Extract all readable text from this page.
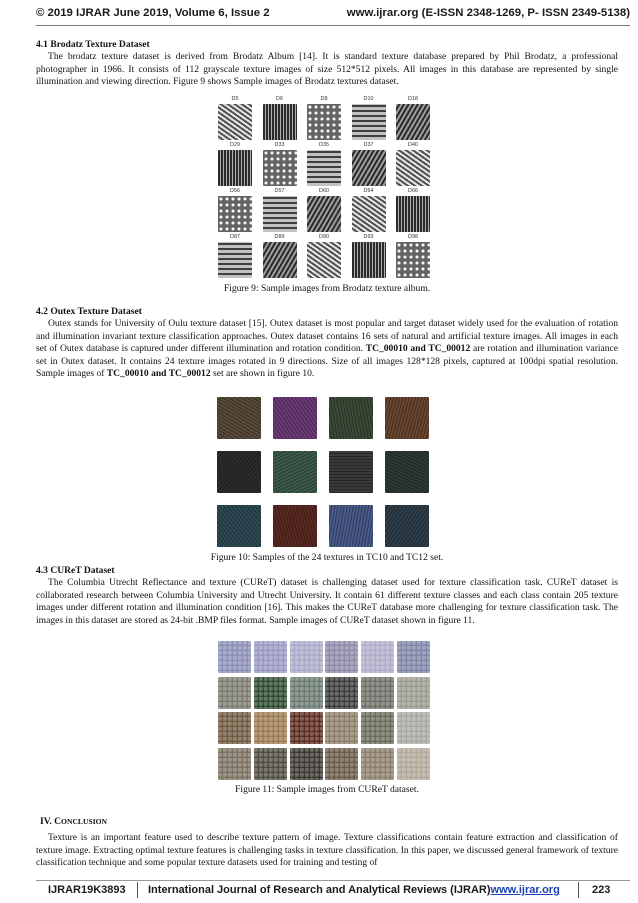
© 2019 IJRAR June 2019, Volume 6, Issue 2	www.ijrar.org (E-ISSN 2348-1269, P- ISSN 2349-5138)
4.1 Brodatz Texture Dataset
The brodatz texture dataset is derived from Brodatz Album [14]. It is standard texture database prepared by Phil Brodatz, a professional photographer in 1966. It consists of 112 grayscale texture images of size 512*512 pixels. All images in this database are represented by single illumination and viewing direction. Figure 9 shows Sample images of Brodatz textures dataset.
D5	D6	D8	D10	D18
D29	D33	D35	D37	D40
D56	D57	D60	D64	D66
D87	D89	D90	D93	D98
Figure 9: Sample images from Brodatz texture album.
4.2 Outex Texture Dataset
Outex stands for University of Oulu texture dataset [15]. Outex dataset is most popular and target dataset widely used for the evaluation of rotation and illumination invariant texture classification approaches. Outex dataset contains 16 sets of natural and artificial texture images. All images in each set of Outex database is captured under different illumination and rotation condition. TC_00010 and TC_00012 are rotation and illumination variance set in Outex dataset. It contains 24 texture images rotated in 9 directions. Size of all images 128*128 pixels, captured at 100dpi spatial resolution. Sample images of TC_00010 and TC_00012 set are shown in figure 10.
Figure 10: Samples of the 24 textures in TC10 and TC12 set.
4.3 CUReT Dataset
The Columbia Utrecht Reflectance and texture (CUReT) dataset is challenging dataset used for texture classification task. CUReT dataset is collaborated research between Columbia University and Utrecht University. It contain 61 different texture classes and each class contain 205 texture images under different rotation and illumination condition [16]. This makes the CUReT database more challenging for texture classification task. The images in this dataset are stored as 24-bit .BMP files format. Sample images of CUReT dataset shown in figure 11.
Figure 11: Sample images from CUReT dataset.
IV. CONCLUSION
Texture is an important feature used to describe texture pattern of image. Texture classifications contain feature extraction and classification of texture image. Extracting optimal texture features is challenging tasks in texture classification. In this paper, we discussed general framework of texture classification technique and some popular texture datasets used for training and testing of
IJRAR19K3893 International Journal of Research and Analytical Reviews (IJRAR)www.ijrar.org	223
